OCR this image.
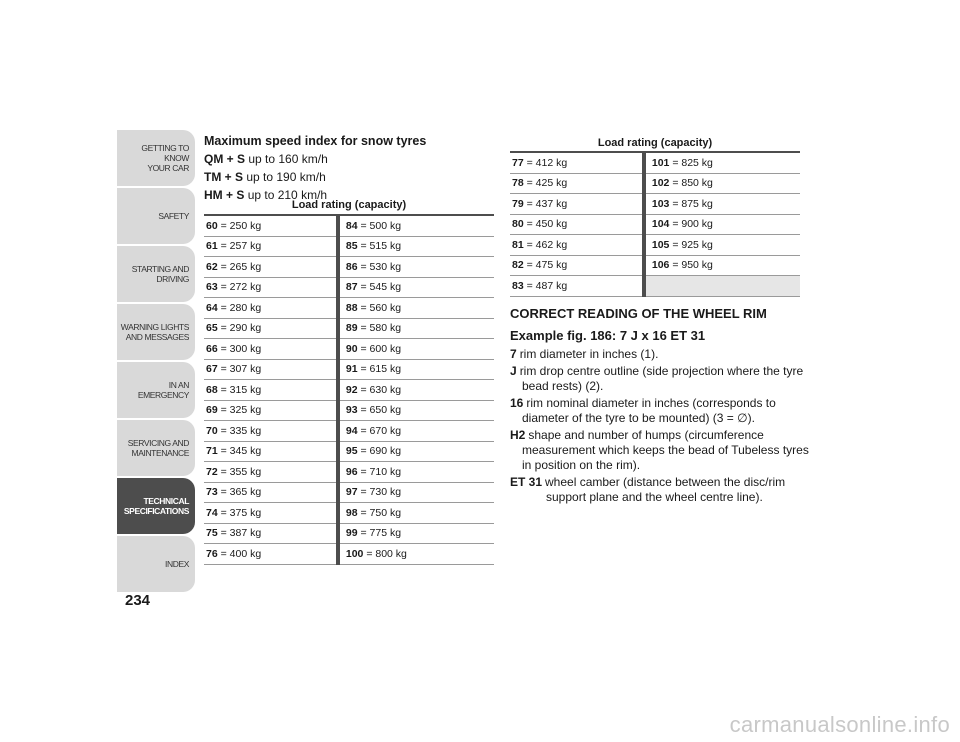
GETTING TO KNOW
YOUR CAR
SAFETY
STARTING AND
DRIVING
WARNING LIGHTS
AND MESSAGES
IN AN EMERGENCY
SERVICING AND
MAINTENANCE
TECHNICAL
SPECIFICATIONS
INDEX
234
Maximum speed index for snow tyres
QM + S up to 160 km/h
TM + S up to 190 km/h
HM + S up to 210 km/h
Load rating (capacity)
60 = 250 kg	84 = 500 kg
61 = 257 kg	85 = 515 kg
62 = 265 kg	86 = 530 kg
63 = 272 kg	87 = 545 kg
64 = 280 kg	88 = 560 kg
65 = 290 kg	89 = 580 kg
66 = 300 kg	90 = 600 kg
67 = 307 kg	91 = 615 kg
68 = 315 kg	92 = 630 kg
69 = 325 kg	93 = 650 kg
70 = 335 kg	94 = 670 kg
71 = 345 kg	95 = 690 kg
72 = 355 kg	96 = 710 kg
73 = 365 kg	97 = 730 kg
74 = 375 kg	98 = 750 kg
75 = 387 kg	99 = 775 kg
76 = 400 kg	100 = 800 kg
Load rating (capacity)
77 = 412 kg	101 = 825 kg
78 = 425 kg	102 = 850 kg
79 = 437 kg	103 = 875 kg
80 = 450 kg	104 = 900 kg
81 = 462 kg	105 = 925 kg
82 = 475 kg	106 = 950 kg
83 = 487 kg	
CORRECT READING OF THE WHEEL RIM
Example fig. 186: 7 J x 16 ET 31
7 rim diameter in inches (1).
J rim drop centre outline (side projection where the tyre bead rests) (2).
16 rim nominal diameter in inches (corresponds to diameter of the tyre to be mounted) (3 = ∅).
H2 shape and number of humps (circumference measurement which keeps the bead of Tubeless tyres in position on the rim).
ET 31 wheel camber (distance between the disc/rim support plane and the wheel centre line).
carmanualsonline.info
